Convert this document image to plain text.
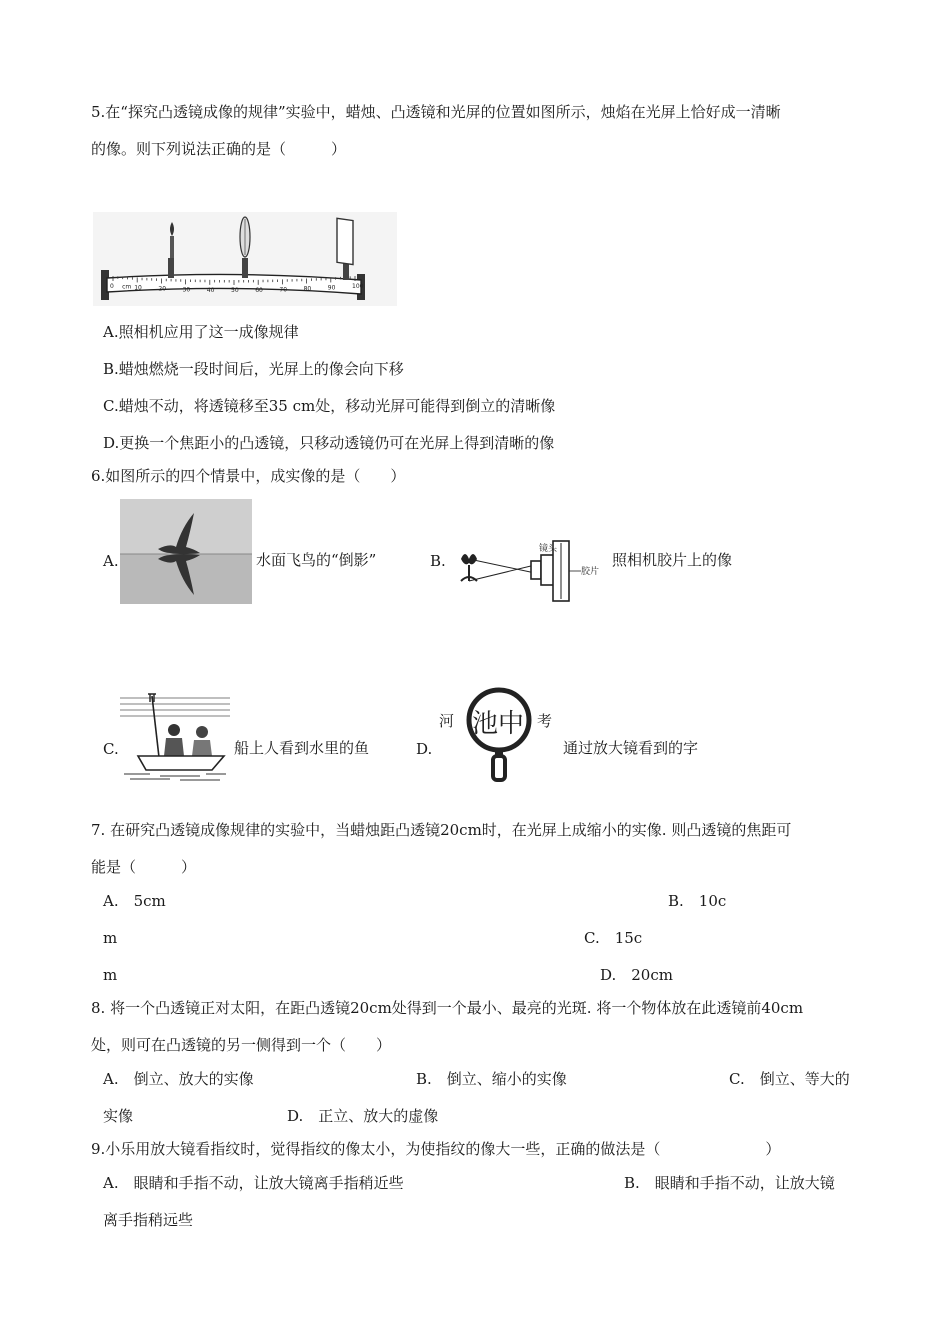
5.在“探究凸透镜成像的规律”实验中，蜡烛、凸透镜和光屏的位置如图所示，烛焰在光屏上恰好成一清晰
的像。则下列说法正确的是（　　　）
0 cm 10	20	30	40	50	60	70	80	90	100
A.照相机应用了这一成像规律
B.蜡烛燃烧一段时间后，光屏上的像会向下移
C.蜡烛不动，将透镜移至35 cm处，移动光屏可能得到倒立的清晰像
D.更换一个焦距小的凸透镜，只移动透镜仍可在光屏上得到清晰的像
6.如图所示的四个情景中，成实像的是（　　）
A.	水面飞鸟的“倒影”	B.
镜头
胶片
照相机胶片上的像
C.	船上人看到水里的鱼	D.
河 池 中 考
通过放大镜看到的字
7. 在研究凸透镜成像规律的实验中，当蜡烛距凸透镜20cm时，在光屏上成缩小的实像. 则凸透镜的焦距可
能是（　　　）
A.　5cm	B.　10c
m	C.　15c
m	D.　20cm
8. 将一个凸透镜正对太阳，在距凸透镜20cm处得到一个最小、最亮的光斑. 将一个物体放在此透镜前40cm
处，则可在凸透镜的另一侧得到一个（　　）
A.　倒立、放大的实像	B.　倒立、缩小的实像	C.　倒立、等大的
实像	D.　正立、放大的虚像
9.小乐用放大镜看指纹时，觉得指纹的像太小，为使指纹的像大一些，正确的做法是（　　　　　　　）
A.　眼睛和手指不动，让放大镜离手指稍近些	B.　眼睛和手指不动，让放大镜
离手指稍远些
